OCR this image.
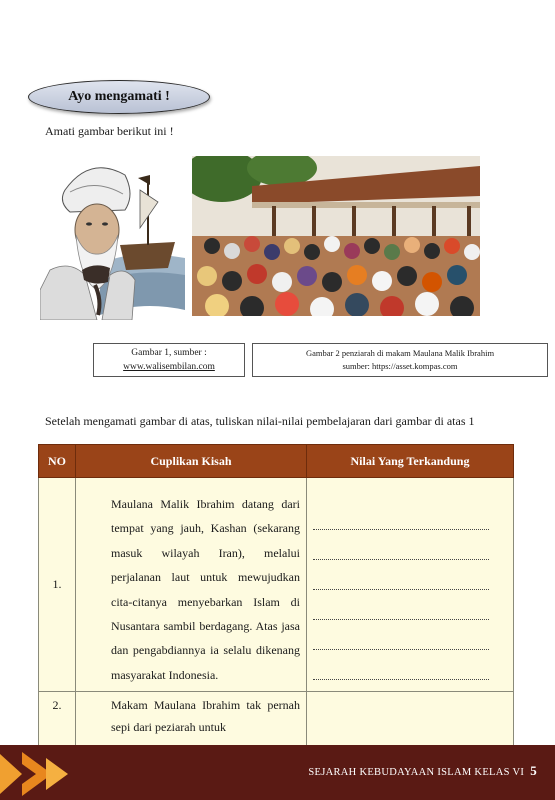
Ayo mengamati !
Amati gambar berikut ini !
Gambar 1, sumber :
www.walisembilan.com
Gambar 2 penziarah di makam Maulana Malik Ibrahim
sumber: https://asset.kompas.com
Setelah mengamati gambar di atas, tuliskan nilai-nilai pembelajaran dari gambar di atas 1
NO	Cuplikan Kisah	Nilai Yang Terkandung
1.	Maulana Malik Ibrahim datang dari tempat yang jauh, Kashan (sekarang masuk wilayah Iran), melalui perjalanan laut untuk mewujudkan cita-citanya menyebarkan Islam di Nusantara sambil berdagang. Atas jasa dan pengabdiannya ia selalu dikenang masyarakat Indonesia.	

2.	Makam Maulana Ibrahim tak pernah sepi dari peziarah untuk	
SEJARAH KEBUDAYAAN ISLAM KELAS VI 5
